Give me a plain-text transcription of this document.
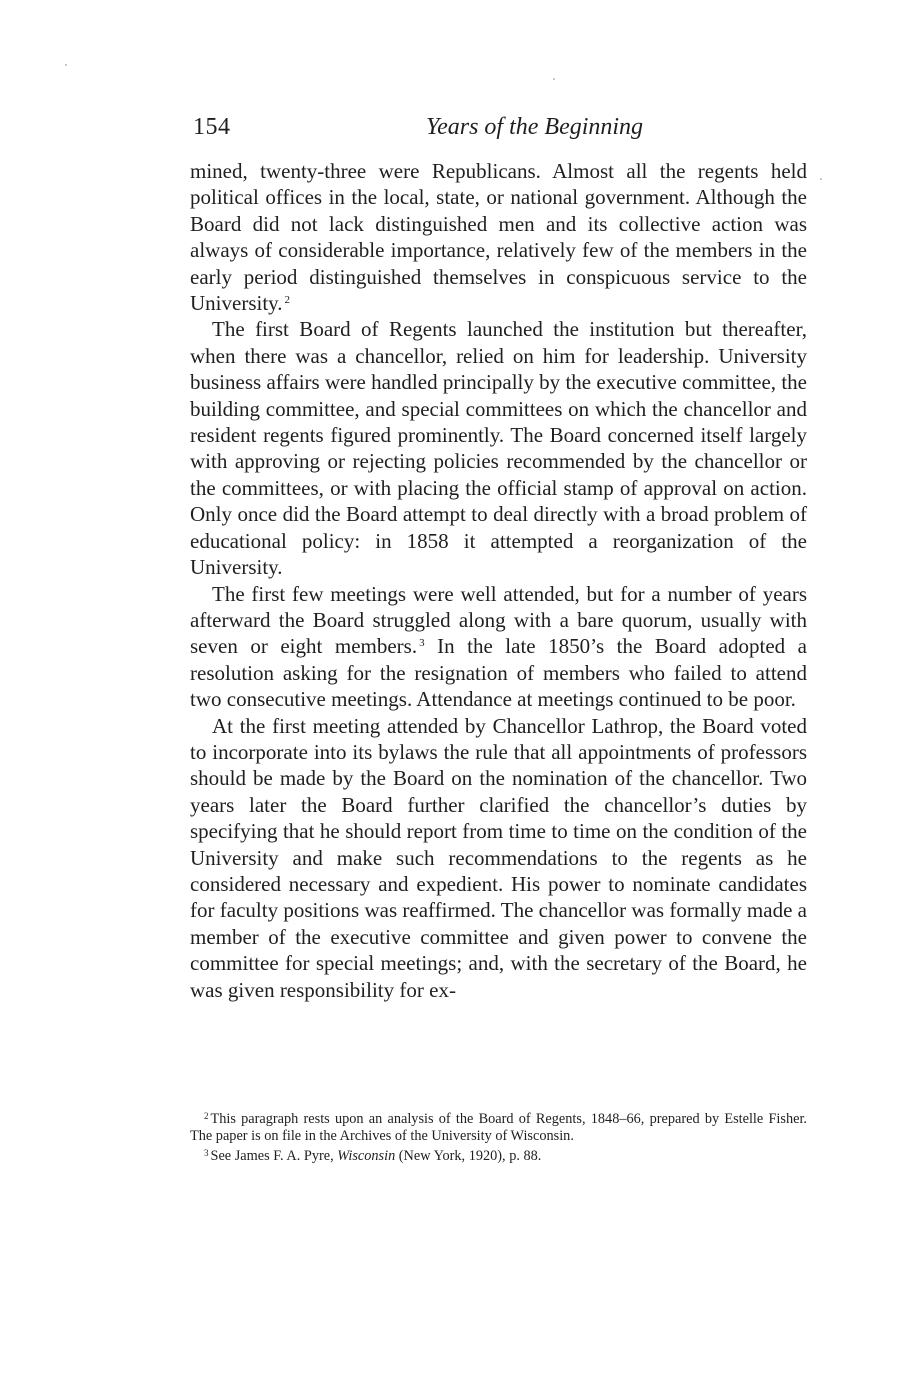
154	Years of the Beginning

mined, twenty-three were Republicans. Almost all the regents held political offices in the local, state, or national government. Although the Board did not lack distinguished men and its collective action was always of considerable importance, relatively few of the members in the early period distinguished themselves in conspicuous service to the University. $^2$

The first Board of Regents launched the institution but thereafter, when there was a chancellor, relied on him for leadership. University business affairs were handled principally by the executive committee, the building committee, and special committees on which the chancellor and resident regents figured prominently. The Board concerned itself largely with approving or rejecting policies recommended by the chancellor or the committees, or with placing the official stamp of approval on action. Only once did the Board attempt to deal directly with a broad problem of educational policy: in 1858 it attempted a reorganization of the University.

The first few meetings were well attended, but for a number of years afterward the Board struggled along with a bare quorum, usually with seven or eight members. $^3$ In the late 1850’s the Board adopted a resolution asking for the resignation of members who failed to attend two consecutive meetings. Attendance at meetings continued to be poor.

At the first meeting attended by Chancellor Lathrop, the Board voted to incorporate into its bylaws the rule that all appointments of professors should be made by the Board on the nomination of the chancellor. Two years later the Board further clarified the chancellor’s duties by specifying that he should report from time to time on the condition of the University and make such recommendations to the regents as he considered necessary and expedient. His power to nominate candidates for faculty positions was reaffirmed. The chancellor was formally made a member of the executive committee and given power to convene the committee for special meetings; and, with the secretary of the Board, he was given responsibility for ex-

$^2$ This paragraph rests upon an analysis of the Board of Regents, 1848–66, prepared by Estelle Fisher. The paper is on file in the Archives of the University of Wisconsin.

$^3$ See James F. A. Pyre, Wisconsin (New York, 1920), p. 88.
